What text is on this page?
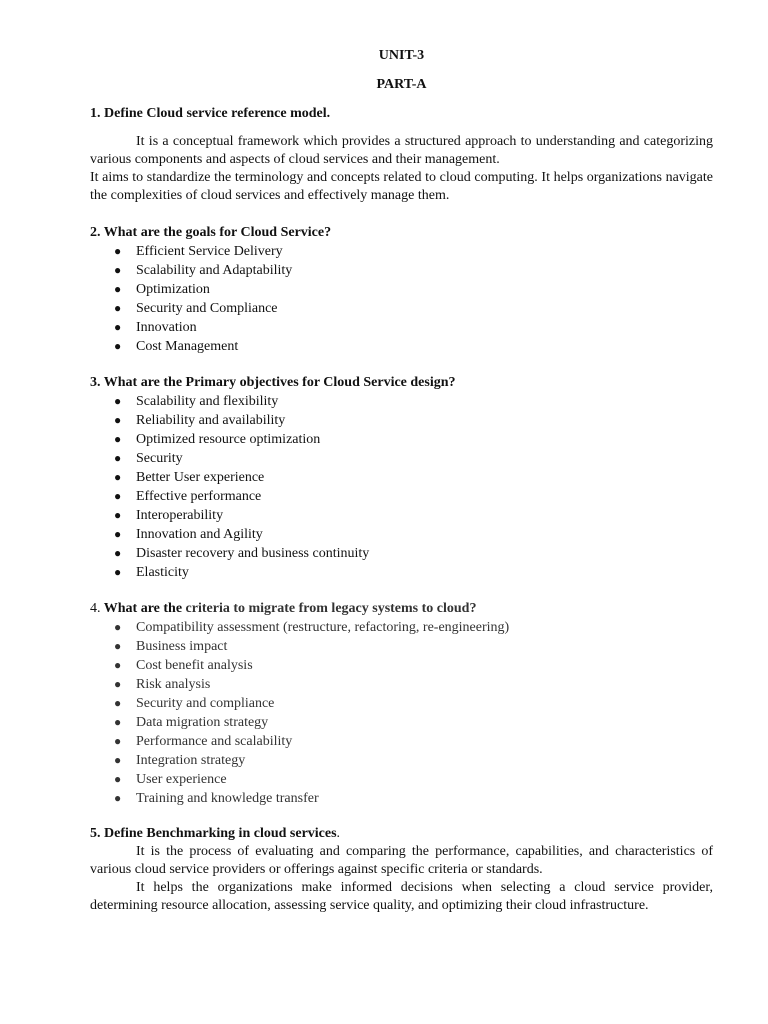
UNIT-3

PART-A

1. Define Cloud service reference model.

It is a conceptual framework which provides a structured approach to understanding and categorizing various components and aspects of cloud services and their management.

It aims to standardize the terminology and concepts related to cloud computing. It helps organizations navigate the complexities of cloud services and effectively manage them.

2. What are the goals for Cloud Service?

● Efficient Service Delivery
● Scalability and Adaptability
● Optimization
● Security and Compliance
● Innovation
● Cost Management

3. What are the Primary objectives for Cloud Service design?

● Scalability and flexibility
● Reliability and availability
● Optimized resource optimization
● Security
● Better User experience
● Effective performance
● Interoperability
● Innovation and Agility
● Disaster recovery and business continuity
● Elasticity

4. What are the criteria to migrate from legacy systems to cloud?

● Compatibility assessment (restructure, refactoring, re-engineering)
● Business impact
● Cost benefit analysis
● Risk analysis
● Security and compliance
● Data migration strategy
● Performance and scalability
● Integration strategy
● User experience
● Training and knowledge transfer

5. Define Benchmarking in cloud services.

It is the process of evaluating and comparing the performance, capabilities, and characteristics of various cloud service providers or offerings against specific criteria or standards.

It helps the organizations make informed decisions when selecting a cloud service provider, determining resource allocation, assessing service quality, and optimizing their cloud infrastructure.
